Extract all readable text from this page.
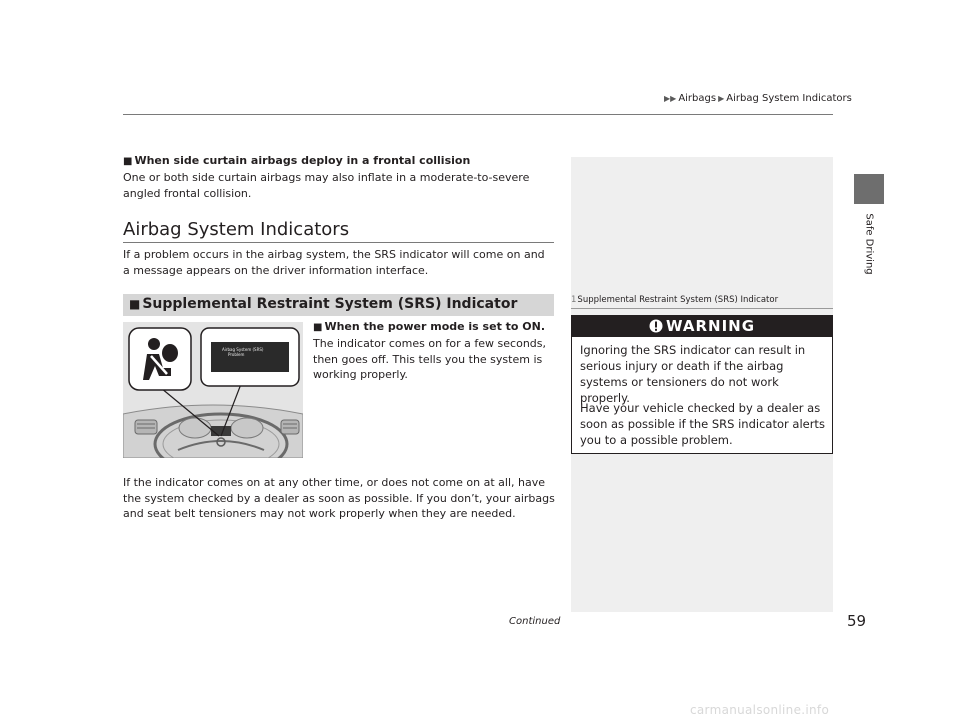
▶▶ Airbags ▶ Airbag System Indicators
Safe Driving
■ When side curtain airbags deploy in a frontal collision
One or both side curtain airbags may also inflate in a moderate-to-severe angled frontal collision.
Airbag System Indicators
If a problem occurs in the airbag system, the SRS indicator will come on and a message appears on the driver information interface.
■ Supplemental Restraint System (SRS) Indicator
Airbag System (SRS)
Problem
■ When the power mode is set to ON.
The indicator comes on for a few seconds, then goes off. This tells you the system is working properly.
If the indicator comes on at any other time, or does not come on at all, have the system checked by a dealer as soon as possible. If you don’t, your airbags and seat belt tensioners may not work properly when they are needed.
1Supplemental Restraint System (SRS) Indicator
WARNING
Ignoring the SRS indicator can result in serious injury or death if the airbag systems or tensioners do not work properly.
Have your vehicle checked by a dealer as soon as possible if the SRS indicator alerts you to a possible problem.
Continued	59
carmanualsonline.info
